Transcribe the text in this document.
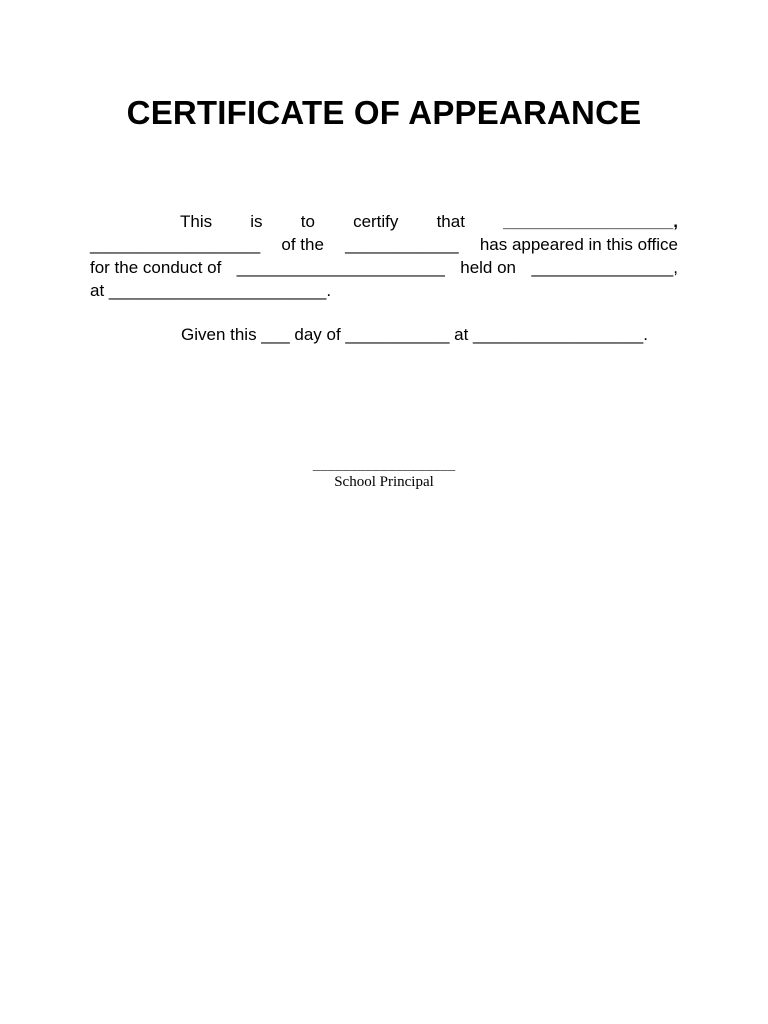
CERTIFICATE OF APPEARANCE
This is to certify that __________________,
__________________ of the ____________ has appeared in this office
for the conduct of ______________________ held on _______________,
at _______________________.
Given this ___ day of ___________ at __________________.
___________________
School Principal
